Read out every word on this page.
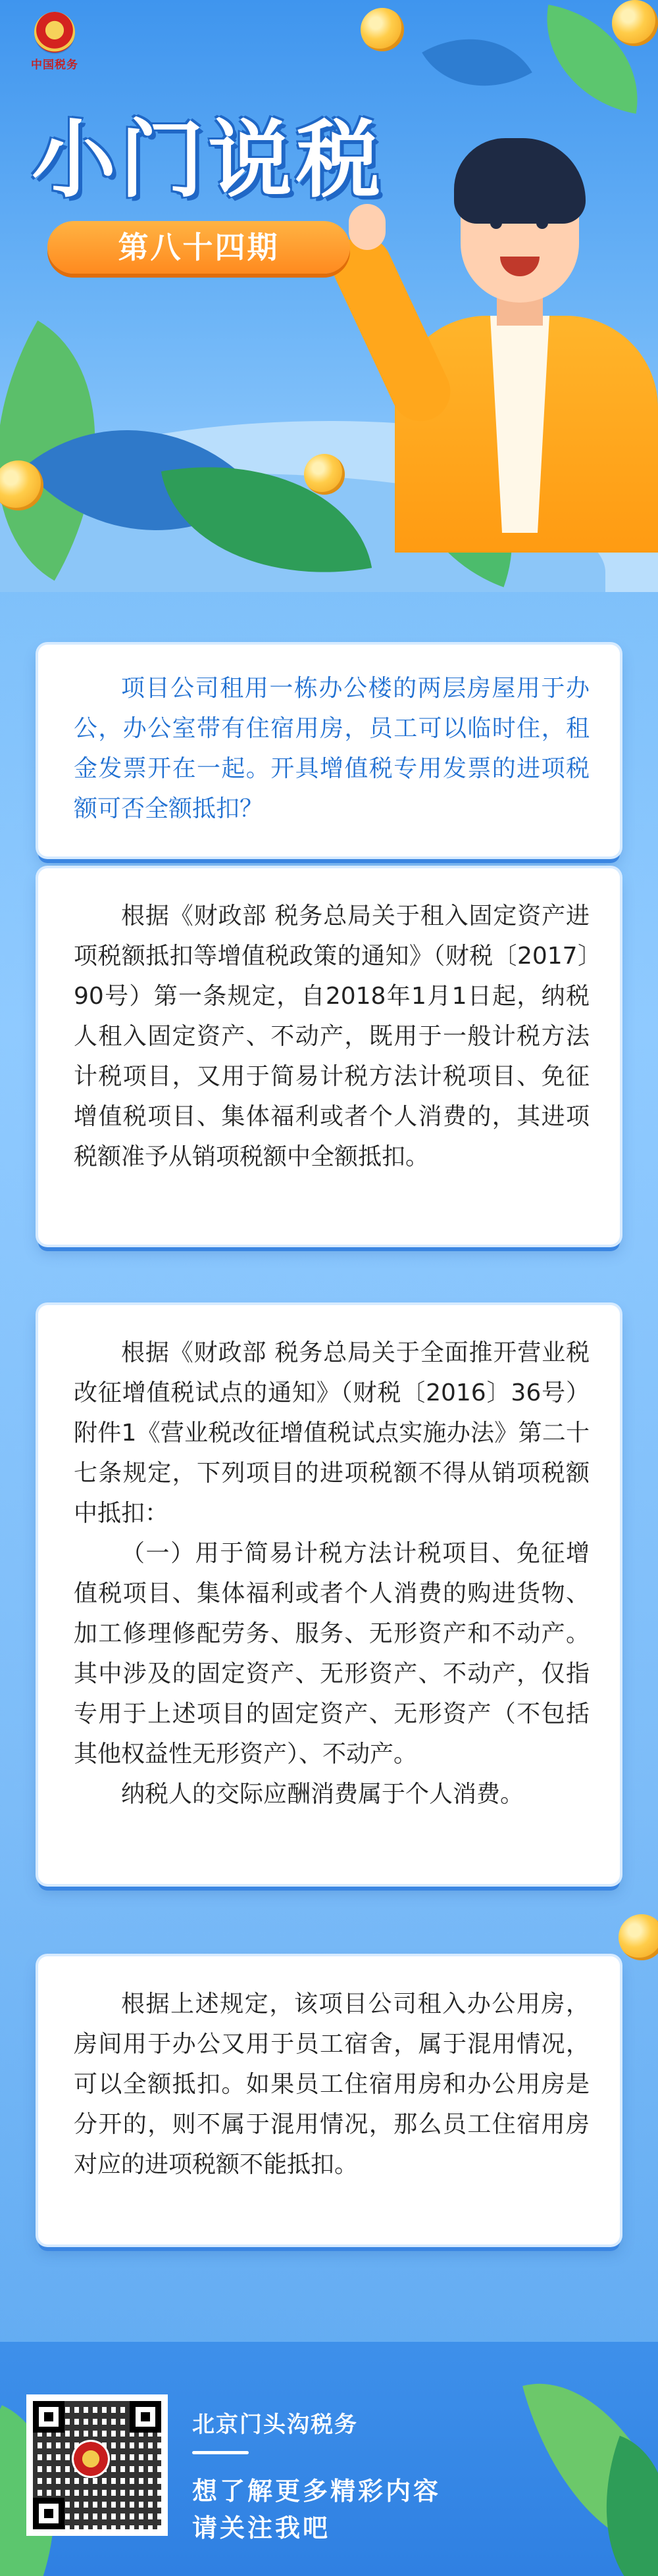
中国税务
小门说税
第八十四期

项目公司租用一栋办公楼的两层房屋用于办公，办公室带有住宿用房，员工可以临时住，租金发票开在一起。开具增值税专用发票的进项税额可否全额抵扣？

根据《财政部 税务总局关于租入固定资产进项税额抵扣等增值税政策的通知》（财税〔2017〕90号）第一条规定，自2018年1月1日起，纳税人租入固定资产、不动产，既用于一般计税方法计税项目，又用于简易计税方法计税项目、免征增值税项目、集体福利或者个人消费的，其进项税额准予从销项税额中全额抵扣。

根据《财政部 税务总局关于全面推开营业税改征增值税试点的通知》（财税〔2016〕36号）附件1《营业税改征增值税试点实施办法》第二十七条规定，下列项目的进项税额不得从销项税额中抵扣：

（一）用于简易计税方法计税项目、免征增值税项目、集体福利或者个人消费的购进货物、加工修理修配劳务、服务、无形资产和不动产。其中涉及的固定资产、无形资产、不动产，仅指专用于上述项目的固定资产、无形资产（不包括其他权益性无形资产）、不动产。

纳税人的交际应酬消费属于个人消费。

根据上述规定，该项目公司租入办公用房，房间用于办公又用于员工宿舍，属于混用情况，可以全额抵扣。如果员工住宿用房和办公用房是分开的，则不属于混用情况，那么员工住宿用房对应的进项税额不能抵扣。

北京门头沟税务
想了解更多精彩内容
请关注我吧
